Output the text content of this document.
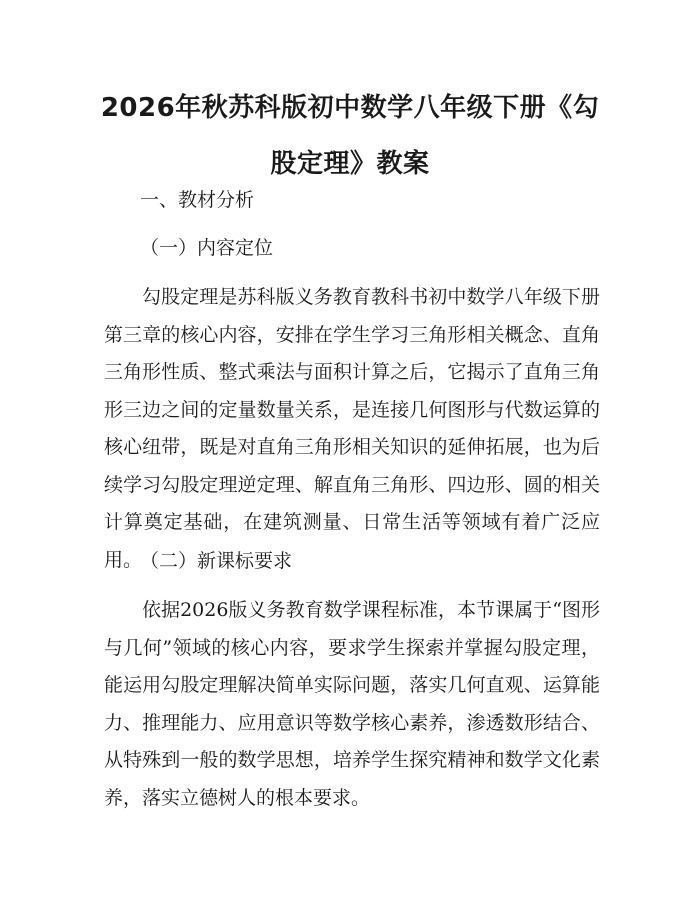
2026年秋苏科版初中数学八年级下册《勾股定理》教案
一、教材分析
（一）内容定位
勾股定理是苏科版义务教育教科书初中数学八年级下册第三章的核心内容，安排在学生学习三角形相关概念、直角三角形性质、整式乘法与面积计算之后，它揭示了直角三角形三边之间的定量数量关系，是连接几何图形与代数运算的核心纽带，既是对直角三角形相关知识的延伸拓展，也为后续学习勾股定理逆定理、解直角三角形、四边形、圆的相关计算奠定基础，在建筑测量、日常生活等领域有着广泛应用。
（二）新课标要求
依据2026版义务教育数学课程标准，本节课属于“图形与几何”领域的核心内容，要求学生探索并掌握勾股定理，能运用勾股定理解决简单实际问题，落实几何直观、运算能力、推理能力、应用意识等数学核心素养，渗透数形结合、从特殊到一般的数学思想，培养学生探究精神和数学文化素养，落实立德树人的根本要求。
